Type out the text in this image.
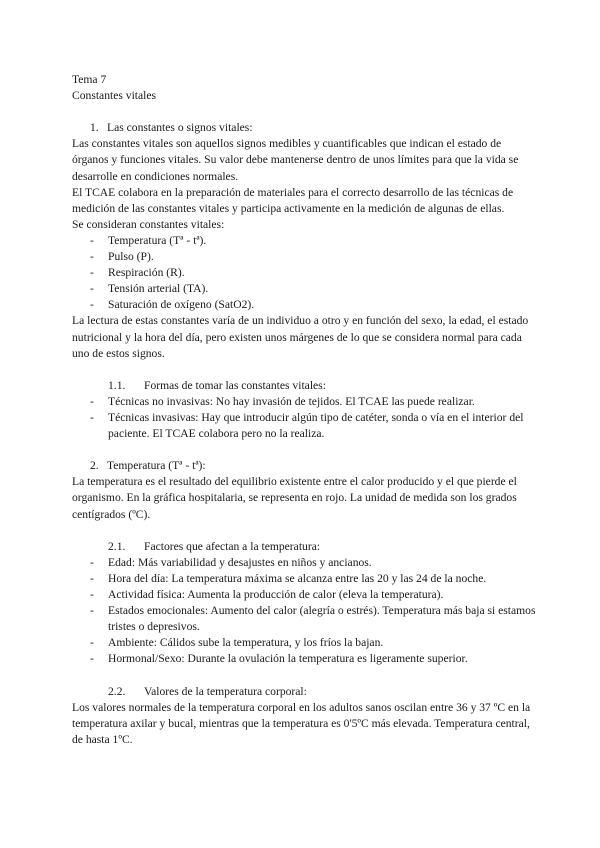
Tema 7

Constantes vitales

1. Las constantes o signos vitales:

Las constantes vitales son aquellos signos medibles y cuantificables que indican el estado de órganos y funciones vitales. Su valor debe mantenerse dentro de unos límites para que la vida se desarrolle en condiciones normales.

El TCAE colabora en la preparación de materiales para el correcto desarrollo de las técnicas de medición de las constantes vitales y participa activamente en la medición de algunas de ellas.

Se consideran constantes vitales:

- Temperatura (Tª - tª).
- Pulso (P).
- Respiración (R).
- Tensión arterial (TA).
- Saturación de oxígeno (SatO2).

La lectura de estas constantes varía de un individuo a otro y en función del sexo, la edad, el estado nutricional y la hora del día, pero existen unos márgenes de lo que se considera normal para cada uno de estos signos.

1.1.	Formas de tomar las constantes vitales:
- Técnicas no invasivas: No hay invasión de tejidos. El TCAE las puede realizar.
- Técnicas invasivas: Hay que introducir algún tipo de catéter, sonda o vía en el interior del paciente. El TCAE colabora pero no la realiza.
2. Temperatura (Tª - tª):

La temperatura es el resultado del equilibrio existente entre el calor producido y el que pierde el organismo. En la gráfica hospitalaria, se representa en rojo. La unidad de medida son los grados centígrados (ºC).

2.1.	Factores que afectan a la temperatura:
- Edad: Más variabilidad y desajustes en niños y ancianos.
- Hora del día: La temperatura máxima se alcanza entre las 20 y las 24 de la noche.
- Actividad física: Aumenta la producción de calor (eleva la temperatura).
- Estados emocionales: Aumento del calor (alegría o estrés). Temperatura más baja si estamos tristes o depresivos.
- Ambiente: Cálidos sube la temperatura, y los fríos la bajan.
- Hormonal/Sexo: Durante la ovulación la temperatura es ligeramente superior.
2.2.	Valores de la temperatura corporal:

Los valores normales de la temperatura corporal en los adultos sanos oscilan entre 36 y 37 ºC en la temperatura axilar y bucal, mientras que la temperatura es 0'5ºC más elevada. Temperatura central, de hasta 1ºC.
